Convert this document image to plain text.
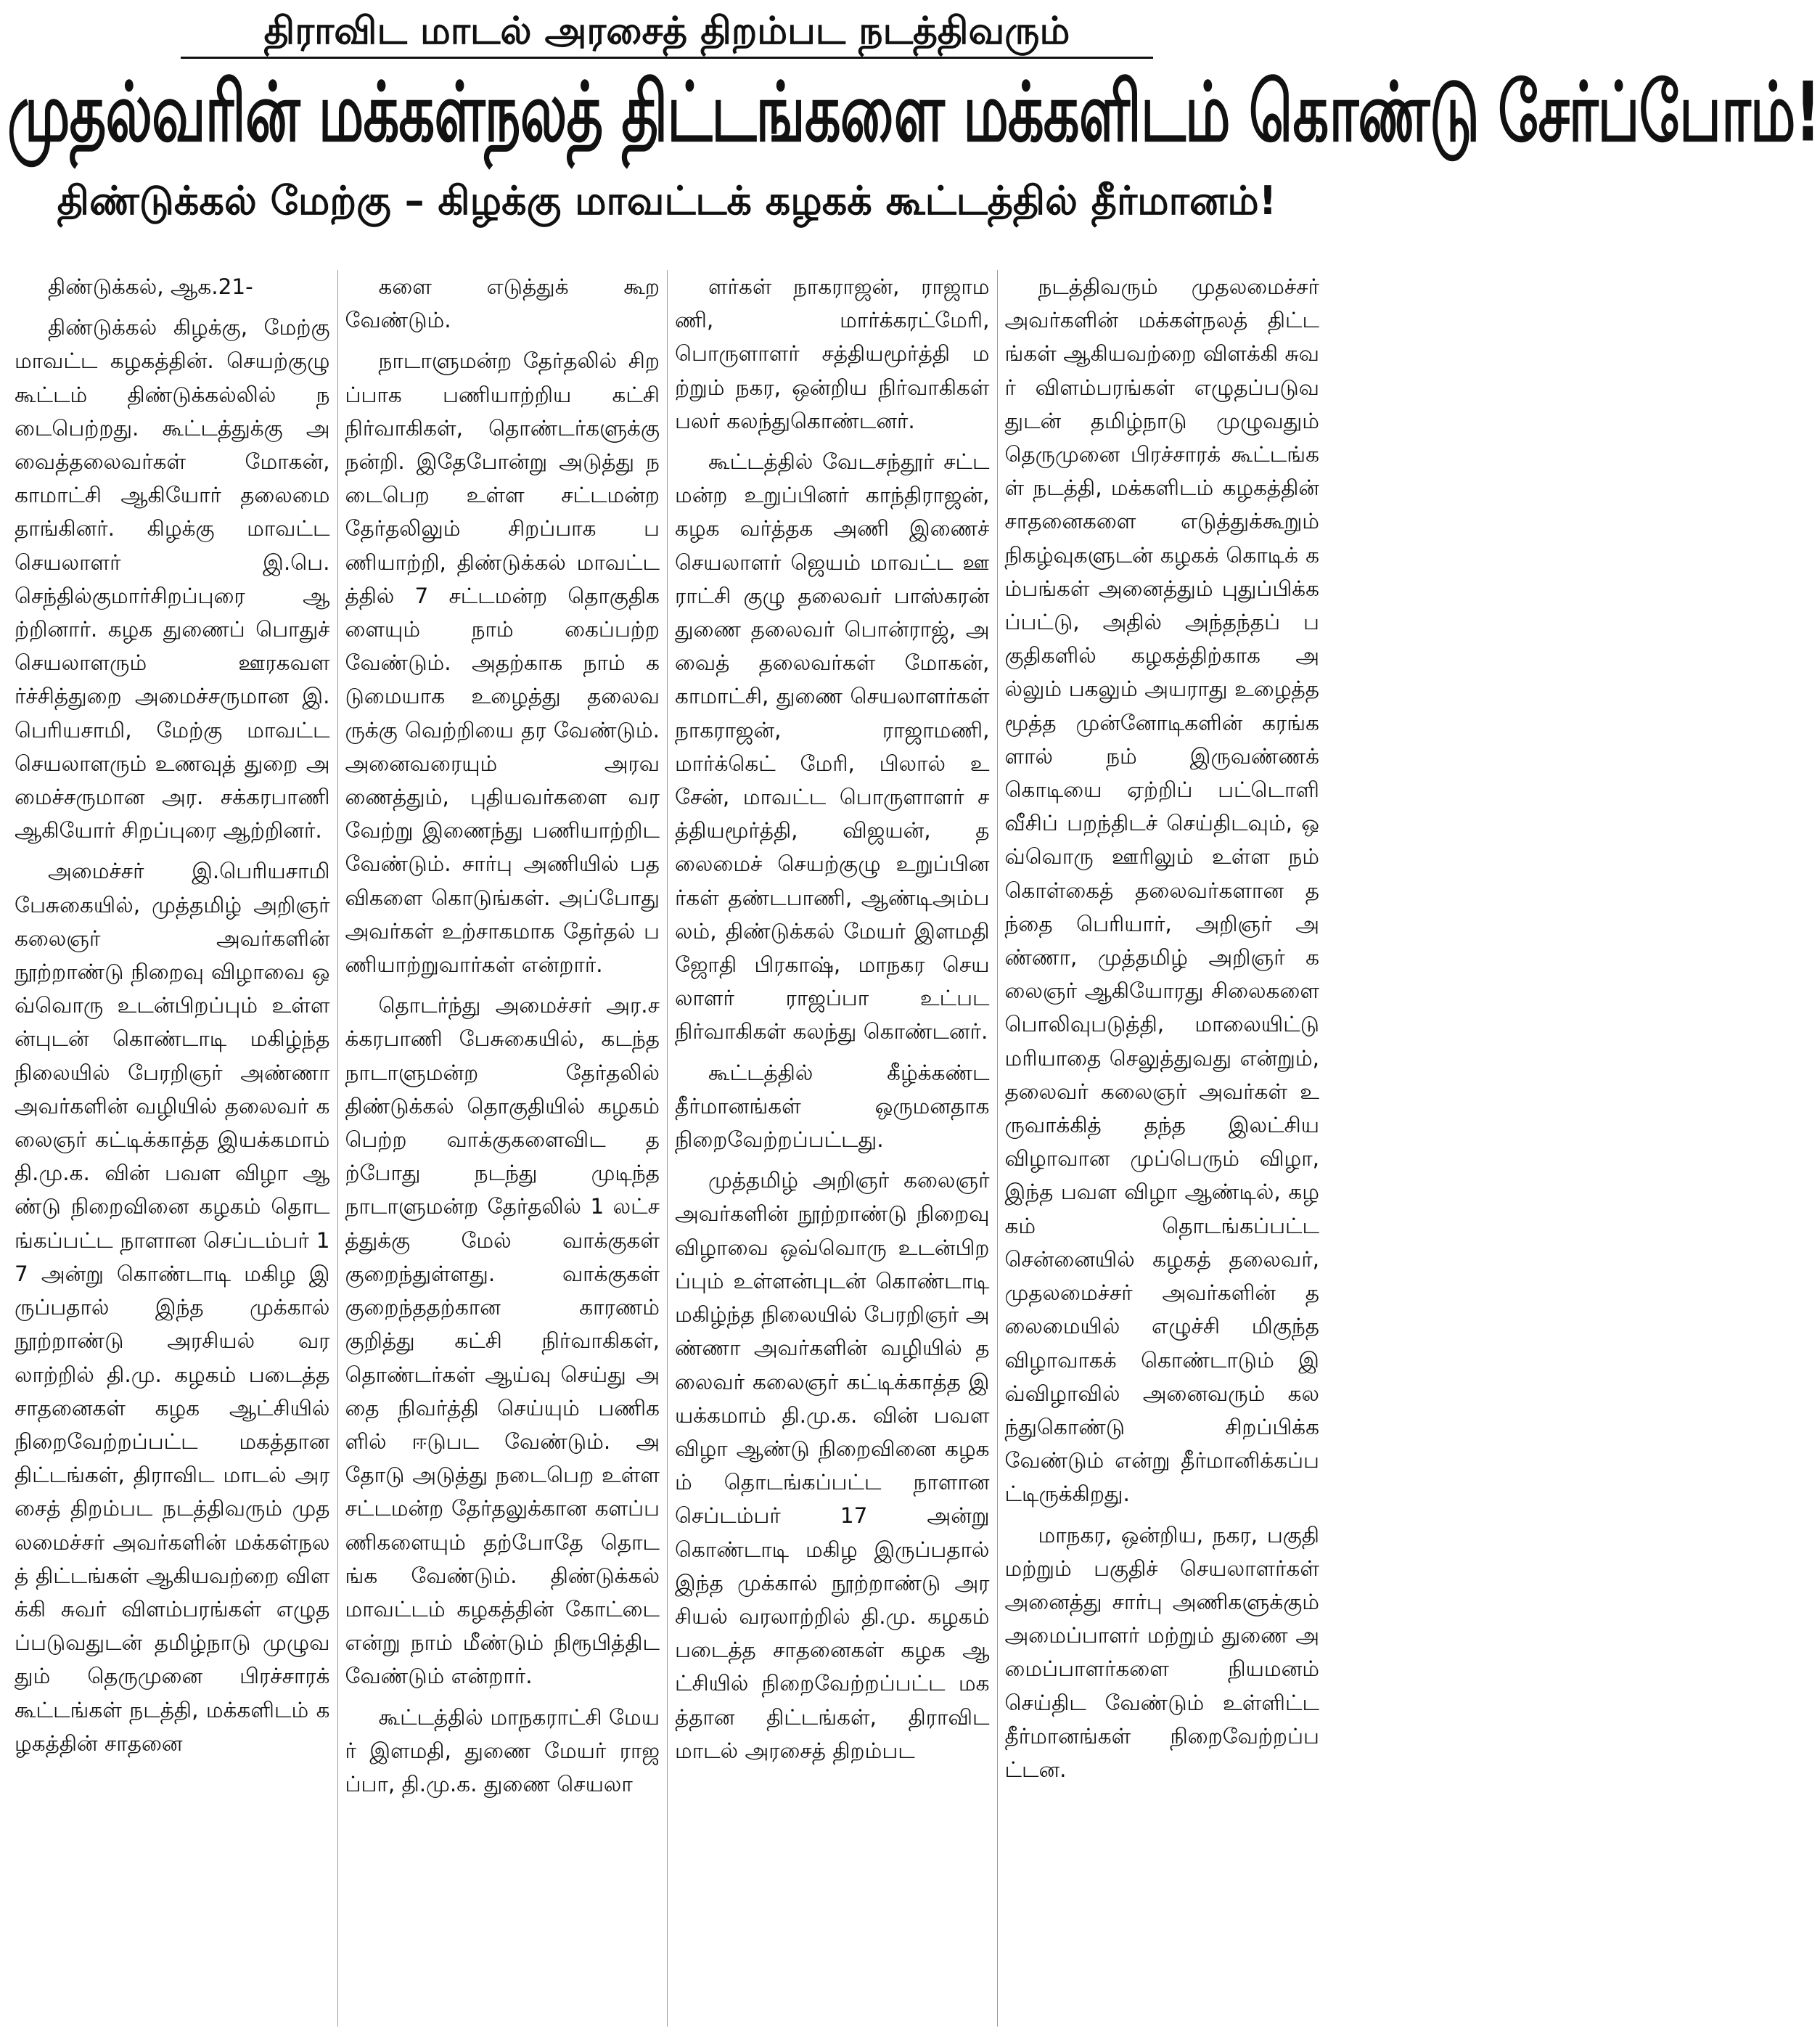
திராவிட மாடல் அரசைத் திறம்பட நடத்திவரும்
முதல்வரின் மக்கள்நலத் திட்டங்களை மக்களிடம் கொண்டு சேர்ப்போம்!
திண்டுக்கல் மேற்கு – கிழக்கு மாவட்டக் கழகக் கூட்டத்தில் தீர்மானம்!

திண்டுக்கல், ஆக.21-

திண்டுக்கல் கிழக்கு, மேற்கு மாவட்ட கழகத்தின். செயற்குழு கூட்டம் திண்டுக்கல்லில் நடைபெற்றது. கூட்டத்துக்கு அவைத்தலைவர்கள் மோகன், காமாட்சி ஆகியோர் தலைமை தாங்கினர். கிழக்கு மாவட்ட செயலாளர் இ.பெ.செந்தில்குமார்சிறப்புரை ஆற்றினார். கழக துணைப் பொதுச் செயலாளரும் ஊரகவளர்ச்சித்துறை அமைச்சருமான இ.பெரியசாமி, மேற்கு மாவட்ட செயலாளரும் உணவுத் துறை அமைச்சருமான அர. சக்கரபாணி ஆகியோர் சிறப்புரை ஆற்றினர்.

அமைச்சர் இ.பெரியசாமி பேசுகையில், முத்தமிழ் அறிஞர் கலைஞர் அவர்களின் நூற்றாண்டு நிறைவு விழாவை ஒவ்வொரு உடன்பிறப்பும் உள்ளன்புடன் கொண்டாடி மகிழ்ந்த நிலையில் பேரறிஞர் அண்ணா அவர்களின் வழியில் தலைவர் கலைஞர் கட்டிக்காத்த இயக்கமாம் தி.மு.க. வின் பவள விழா ஆண்டு நிறைவினை கழகம் தொடங்கப்பட்ட நாளான செப்டம்பர் 17 அன்று கொண்டாடி மகிழ இருப்பதால் இந்த முக்கால் நூற்றாண்டு அரசியல் வரலாற்றில் தி.மு. கழகம் படைத்த சாதனைகள் கழக ஆட்சியில் நிறைவேற்றப்பட்ட மகத்தான திட்டங்கள், திராவிட மாடல் அரசைத் திறம்பட நடத்திவரும் முதலமைச்சர் அவர்களின் மக்கள்நலத் திட்டங்கள் ஆகியவற்றை விளக்கி சுவர் விளம்பரங்கள் எழுதப்படுவதுடன் தமிழ்நாடு முழுவதும் தெருமுனை பிரச்சாரக் கூட்டங்கள் நடத்தி, மக்களிடம் கழகத்தின் சாதனை

களை எடுத்துக் கூற வேண்டும்.

நாடாளுமன்ற தேர்தலில் சிறப்பாக பணியாற்றிய கட்சி நிர்வாகிகள், தொண்டர்களுக்கு நன்றி. இதேபோன்று அடுத்து நடைபெற உள்ள சட்டமன்ற தேர்தலிலும் சிறப்பாக பணியாற்றி, திண்டுக்கல் மாவட்டத்தில் 7 சட்டமன்ற தொகுதிகளையும் நாம் கைப்பற்ற வேண்டும். அதற்காக நாம் கடுமையாக உழைத்து தலைவருக்கு வெற்றியை தர வேண்டும். அனைவரையும் அரவணைத்தும், புதியவர்களை வரவேற்று இணைந்து பணியாற்றிட வேண்டும். சார்பு அணியில் பதவிகளை கொடுங்கள். அப்போது அவர்கள் உற்சாகமாக தேர்தல் பணியாற்றுவார்கள் என்றார்.

தொடர்ந்து அமைச்சர் அர.சக்கரபாணி பேசுகையில், கடந்த நாடாளுமன்ற தேர்தலில் திண்டுக்கல் தொகுதியில் கழகம் பெற்ற வாக்குகளைவிட தற்போது நடந்து முடிந்த நாடாளுமன்ற தேர்தலில் 1 லட்சத்துக்கு மேல் வாக்குகள் குறைந்துள்ளது. வாக்குகள் குறைந்ததற்கான காரணம் குறித்து கட்சி நிர்வாகிகள், தொண்டர்கள் ஆய்வு செய்து அதை நிவர்த்தி செய்யும் பணிகளில் ஈடுபட வேண்டும். அதோடு அடுத்து நடைபெற உள்ள சட்டமன்ற தேர்தலுக்கான களப்பணிகளையும் தற்போதே தொடங்க வேண்டும். திண்டுக்கல் மாவட்டம் கழகத்தின் கோட்டை என்று நாம் மீண்டும் நிரூபித்திட வேண்டும் என்றார்.

கூட்டத்தில் மாநகராட்சி மேயர் இளமதி, துணை மேயர் ராஜப்பா, தி.மு.க. துணை செயலா

ளர்கள் நாகராஜன், ராஜாமணி, மார்க்கரட்மேரி, பொருளாளர் சத்தியமூர்த்தி மற்றும் நகர, ஒன்றிய நிர்வாகிகள் பலர் கலந்துகொண்டனர்.

கூட்டத்தில் வேடசந்தூர் சட்டமன்ற உறுப்பினர் காந்திராஜன், கழக வர்த்தக அணி இணைச் செயலாளர் ஜெயம் மாவட்ட ஊராட்சி குழு தலைவர் பாஸ்கரன் துணை தலைவர் பொன்ராஜ், அவைத் தலைவர்கள் மோகன், காமாட்சி, துணை செயலாளர்கள் நாகராஜன், ராஜாமணி, மார்க்கெட் மேரி, பிலால் உசேன், மாவட்ட பொருளாளர் சத்தியமூர்த்தி, விஜயன், தலைமைச் செயற்குழு உறுப்பினர்கள் தண்டபாணி, ஆண்டிஅம்பலம், திண்டுக்கல் மேயர் இளமதி ஜோதி பிரகாஷ், மாநகர செயலாளர் ராஜப்பா உட்பட நிர்வாகிகள் கலந்து கொண்டனர்.

கூட்டத்தில் கீழ்க்கண்ட தீர்மானங்கள் ஒருமனதாக நிறைவேற்றப்பட்டது.

முத்தமிழ் அறிஞர் கலைஞர் அவர்களின் நூற்றாண்டு நிறைவு விழாவை ஒவ்வொரு உடன்பிறப்பும் உள்ளன்புடன் கொண்டாடி மகிழ்ந்த நிலையில் பேரறிஞர் அண்ணா அவர்களின் வழியில் தலைவர் கலைஞர் கட்டிக்காத்த இயக்கமாம் தி.மு.க. வின் பவள விழா ஆண்டு நிறைவினை கழகம் தொடங்கப்பட்ட நாளான செப்டம்பர் 17 அன்று கொண்டாடி மகிழ இருப்பதால் இந்த முக்கால் நூற்றாண்டு அரசியல் வரலாற்றில் தி.மு. கழகம் படைத்த சாதனைகள் கழக ஆட்சியில் நிறைவேற்றப்பட்ட மகத்தான திட்டங்கள், திராவிட மாடல் அரசைத் திறம்பட

நடத்திவரும் முதலமைச்சர் அவர்களின் மக்கள்நலத் திட்டங்கள் ஆகியவற்றை விளக்கி சுவர் விளம்பரங்கள் எழுதப்படுவதுடன் தமிழ்நாடு முழுவதும் தெருமுனை பிரச்சாரக் கூட்டங்கள் நடத்தி, மக்களிடம் கழகத்தின் சாதனைகளை எடுத்துக்கூறும் நிகழ்வுகளுடன் கழகக் கொடிக் கம்பங்கள் அனைத்தும் புதுப்பிக்கப்பட்டு, அதில் அந்தந்தப் பகுதிகளில் கழகத்திற்காக அல்லும் பகலும் அயராது உழைத்த மூத்த முன்னோடிகளின் கரங்களால் நம் இருவண்ணக் கொடியை ஏற்றிப் பட்டொளி வீசிப் பறந்திடச் செய்திடவும், ஒவ்வொரு ஊரிலும் உள்ள நம் கொள்கைத் தலைவர்களான தந்தை பெரியார், அறிஞர் அண்ணா, முத்தமிழ் அறிஞர் கலைஞர் ஆகியோரது சிலைகளை பொலிவுபடுத்தி, மாலையிட்டு மரியாதை செலுத்துவது என்றும், தலைவர் கலைஞர் அவர்கள் உருவாக்கித் தந்த இலட்சிய விழாவான முப்பெரும் விழா, இந்த பவள விழா ஆண்டில், கழகம் தொடங்கப்பட்ட சென்னையில் கழகத் தலைவர், முதலமைச்சர் அவர்களின் தலைமையில் எழுச்சி மிகுந்த விழாவாகக் கொண்டாடும் இவ்விழாவில் அனைவரும் கலந்துகொண்டு சிறப்பிக்கவேண்டும் என்று தீர்மானிக்கப்பட்டிருக்கிறது.

மாநகர, ஒன்றிய, நகர, பகுதி மற்றும் பகுதிச் செயலாளர்கள் அனைத்து சார்பு அணிகளுக்கும் அமைப்பாளர் மற்றும் துணை அமைப்பாளர்களை நியமனம் செய்திட வேண்டும் உள்ளிட்ட தீர்மானங்கள் நிறைவேற்றப்பட்டன.
